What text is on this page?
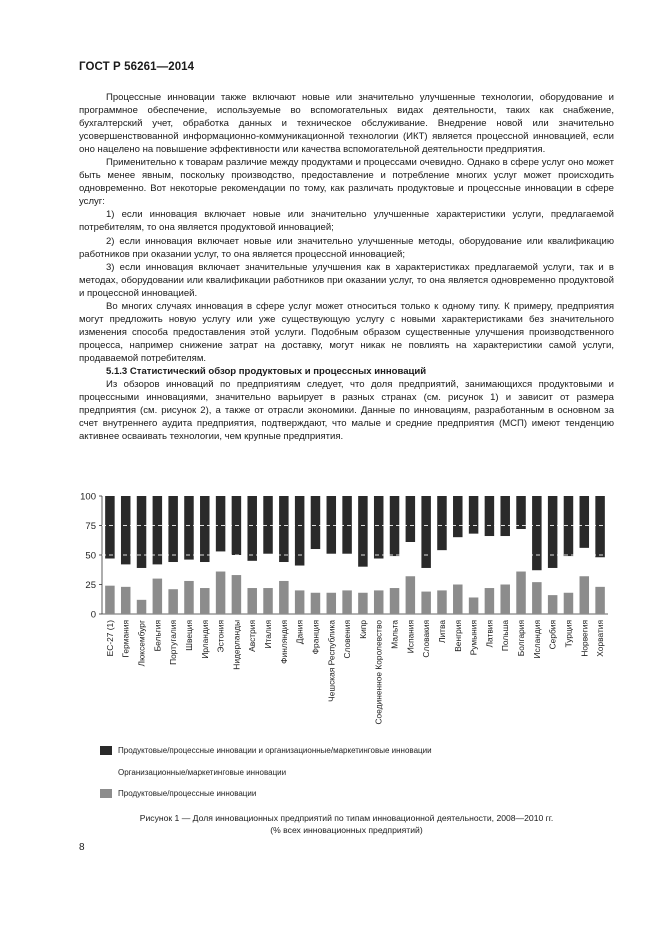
ГОСТ Р 56261—2014

Процессные инновации также включают новые или значительно улучшенные технологии, оборудование и программное обеспечение, используемые во вспомогательных видах деятельности, таких как снабжение, бухгалтерский учет, обработка данных и техническое обслуживание. Внедрение новой или значительно усовершенствованной информационно-коммуникационной технологии (ИКТ) является процессной инновацией, если оно нацелено на повышение эффективности или качества вспомогательной деятельности предприятия.

Применительно к товарам различие между продуктами и процессами очевидно. Однако в сфере услуг оно может быть менее явным, поскольку производство, предоставление и потребление многих услуг может происходить одновременно. Вот некоторые рекомендации по тому, как различать продуктовые и процессные инновации в сфере услуг:

1) если инновация включает новые или значительно улучшенные характеристики услуги, предлагаемой потребителям, то она является продуктовой инновацией;

2) если инновация включает новые или значительно улучшенные методы, оборудование или квалификацию работников при оказании услуг, то она является процессной инновацией;

3) если инновация включает значительные улучшения как в характеристиках предлагаемой услуги, так и в методах, оборудовании или квалификации работников при оказании услуг, то она является одновременно продуктовой и процессной инновацией.

Во многих случаях инновация в сфере услуг может относиться только к одному типу. К примеру, предприятия могут предложить новую услугу или уже существующую услугу с новыми характеристиками без значительного изменения способа предоставления этой услуги. Подобным образом существенные улучшения производственного процесса, например снижение затрат на доставку, могут никак не повлиять на характеристики самой услуги, продаваемой потребителям.

5.1.3 Статистический обзор продуктовых и процессных инноваций

Из обзоров инноваций по предприятиям следует, что доля предприятий, занимающихся продуктовыми и процессными инновациями, значительно варьирует в разных странах (см. рисунок 1) и зависит от размера предприятия (см. рисунок 2), а также от отрасли экономики. Данные по инновациям, разработанным в основном за счет внутреннего аудита предприятия, подтверждают, что малые и средние предприятия (МСП) имеют тенденцию активнее осваивать технологии, чем крупные предприятия.

0
25
50
75
100
ЕС-27 (1) Германия Люксембург Бельгия Португалия Швеция Ирландия Эстония Нидерланды Австрия Италия Финляндия Дания Франция Чешская Республика Словения Кипр Соединенное Королевство Мальта Испания Словакия Литва Венгрия Румыния Латвия Польша Болгария Исландия Сербия Турция Норвегия Хорватия
Продуктовые/процессные инновации и организационные/маркетинговые инновации
Организационные/маркетинговые инновации
Продуктовые/процессные инновации
Рисунок 1 — Доля инновационных предприятий по типам инновационной деятельности, 2008—2010 гг.
(% всех инновационных предприятий)
8
